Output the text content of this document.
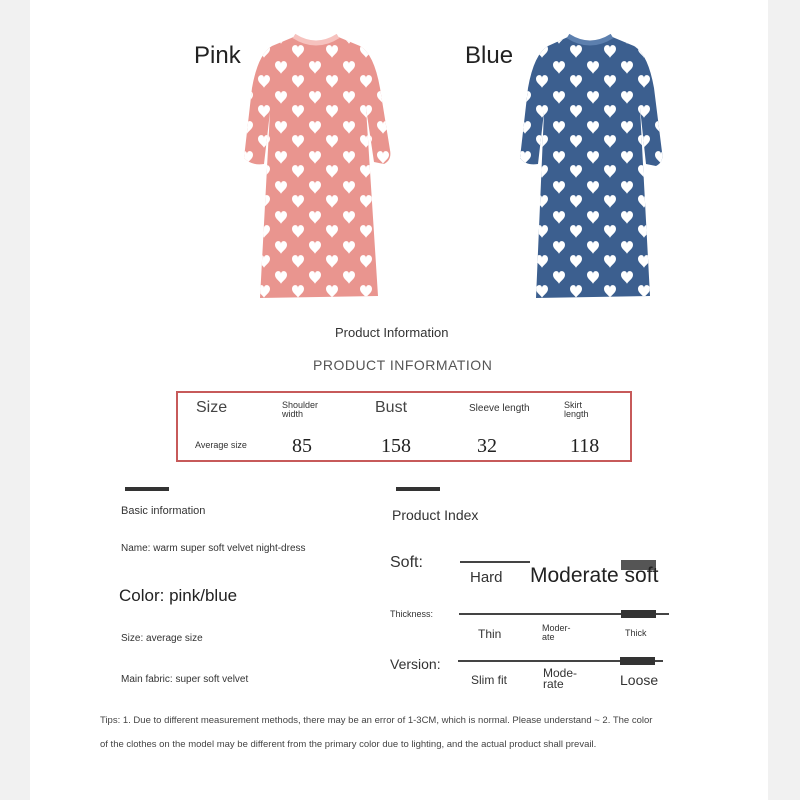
Pink	Blue
Product Information
PRODUCT INFORMATION
Size	Shoulder width	Bust	Sleeve length	Skirt length
Average size 85	158	32	118
Basic information
Name: warm super soft velvet night-dress
Color: pink/blue
Size: average size
Main fabric: super soft velvet
Product Index
Soft:
Hard Moderate soft
Thickness:
Thin	Moder-ate	Thick
Version:
Slim fit	Mode-rate	Loose
Tips: 1. Due to different measurement methods, there may be an error of 1-3CM, which is normal. Please understand ~ 2. The color
of the clothes on the model may be different from the primary color due to lighting, and the actual product shall prevail.
